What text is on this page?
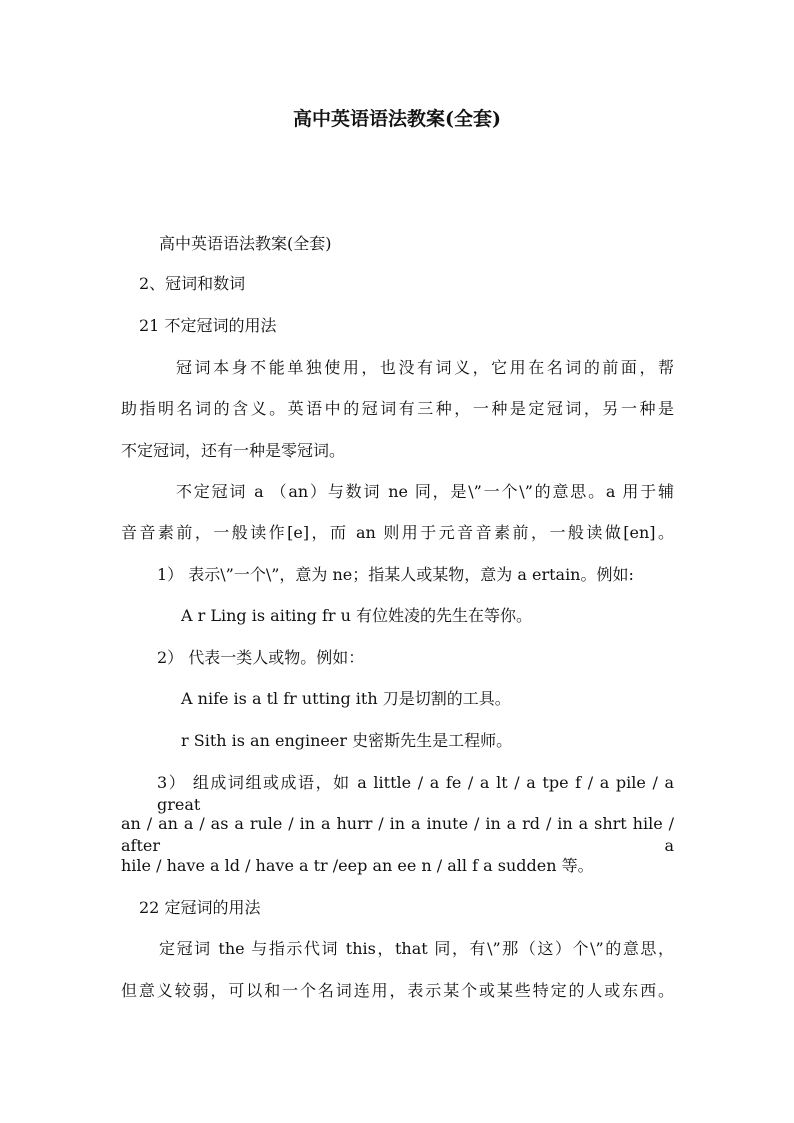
高中英语语法教案(全套)
高中英语语法教案(全套)
2、冠词和数词
21 不定冠词的用法
冠词本身不能单独使用，也没有词义，它用在名词的前面，帮
助指明名词的含义。英语中的冠词有三种，一种是定冠词，另一种是
不定冠词，还有一种是零冠词。
不定冠词 a （an）与数词 ne 同，是\”一个\”的意思。a 用于辅
音音素前，一般读作[e]，而 an 则用于元音音素前，一般读做[en]。
1） 表示\”一个\”，意为 ne；指某人或某物，意为 a ertain。例如:
A r Ling is aiting fr u 有位姓凌的先生在等你。
2） 代表一类人或物。例如：
A nife is a tl fr utting ith 刀是切割的工具。
r Sith is an engineer 史密斯先生是工程师。
3） 组成词组或成语，如 a little / a fe / a lt / a tpe f / a pile / a great
an / an a / as a rule / in a hurr / in a inute / in a rd / in a shrt hile / after a
hile / have a ld / have a tr /eep an ee n / all f a sudden 等。
22 定冠词的用法
定冠词 the 与指示代词 this，that 同，有\”那（这）个\”的意思，
但意义较弱，可以和一个名词连用，表示某个或某些特定的人或东西。
